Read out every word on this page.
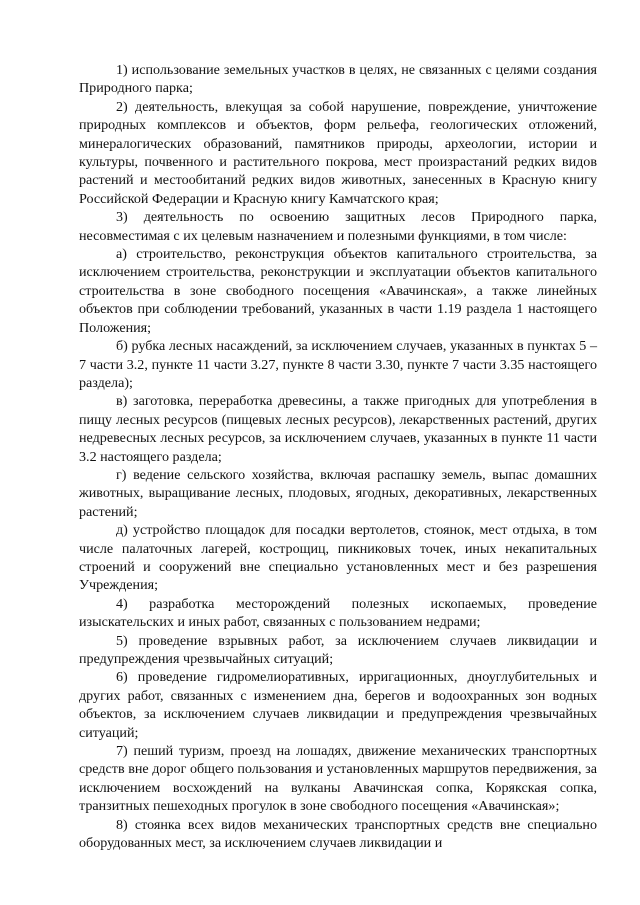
1) использование земельных участков в целях, не связанных с целями создания Природного парка;

2) деятельность, влекущая за собой нарушение, повреждение, уничтожение природных комплексов и объектов, форм рельефа, геологических отложений, минералогических образований, памятников природы, археологии, истории и культуры, почвенного и растительного покрова, мест произрастаний редких видов растений и местообитаний редких видов животных, занесенных в Красную книгу Российской Федерации и Красную книгу Камчатского края;

3) деятельность по освоению защитных лесов Природного парка, несовместимая с их целевым назначением и полезными функциями, в том числе:

а) строительство, реконструкция объектов капитального строительства, за исключением строительства, реконструкции и эксплуатации объектов капитального строительства в зоне свободного посещения «Авачинская», а также линейных объектов при соблюдении требований, указанных в части 1.19 раздела 1 настоящего Положения;

б) рубка лесных насаждений, за исключением случаев, указанных в пунктах 5 – 7 части 3.2, пункте 11 части 3.27, пункте 8 части 3.30, пункте 7 части 3.35 настоящего раздела);

в) заготовка, переработка древесины, а также пригодных для употребления в пищу лесных ресурсов (пищевых лесных ресурсов), лекарственных растений, других недревесных лесных ресурсов, за исключением случаев, указанных в пункте 11 части 3.2 настоящего раздела;

г) ведение сельского хозяйства, включая распашку земель, выпас домашних животных, выращивание лесных, плодовых, ягодных, декоративных, лекарственных растений;

д) устройство площадок для посадки вертолетов, стоянок, мест отдыха, в том числе палаточных лагерей, кострощиц, пикниковых точек, иных некапитальных строений и сооружений вне специально установленных мест и без разрешения Учреждения;

4) разработка месторождений полезных ископаемых, проведение изыскательских и иных работ, связанных с пользованием недрами;

5) проведение взрывных работ, за исключением случаев ликвидации и предупреждения чрезвычайных ситуаций;

6) проведение гидромелиоративных, ирригационных, дноуглубительных и других работ, связанных с изменением дна, берегов и водоохранных зон водных объектов, за исключением случаев ликвидации и предупреждения чрезвычайных ситуаций;

7) пеший туризм, проезд на лошадях, движение механических транспортных средств вне дорог общего пользования и установленных маршрутов передвижения, за исключением восхождений на вулканы Авачинская сопка, Корякская сопка, транзитных пешеходных прогулок в зоне свободного посещения «Авачинская»;

8) стоянка всех видов механических транспортных средств вне специально оборудованных мест, за исключением случаев ликвидации и
